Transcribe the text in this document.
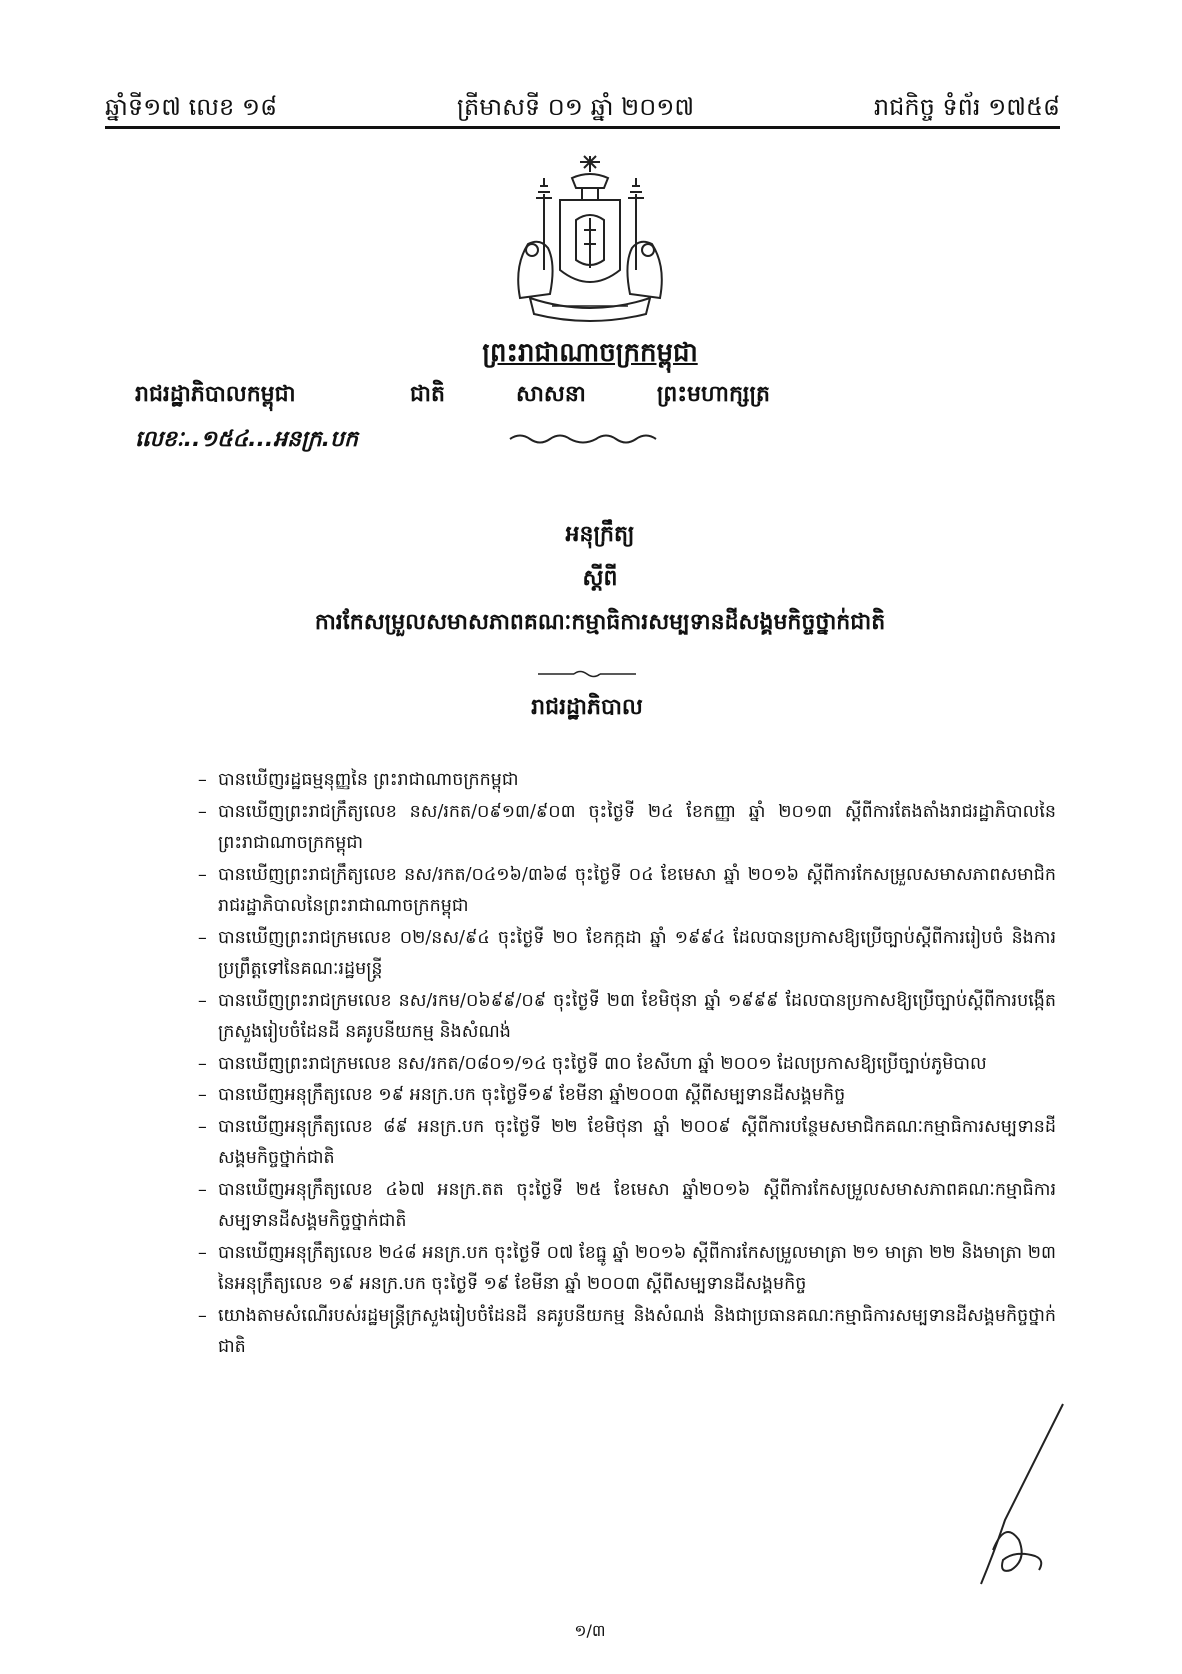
ឆ្នាំទី១៧ លេខ ១៨	ត្រីមាសទី ០១ ឆ្នាំ ២០១៧	រាជកិច្ច ទំព័រ ១៧៥៨
ព្រះរាជាណាចក្រកម្ពុជា
រាជរដ្ឋាភិបាលកម្ពុជា	ជាតិ	សាសនា	ព្រះមហាក្សត្រ
លេខៈ..១៥៤...អនក្រ.បក
អនុក្រឹត្យ
ស្តីពី
ការកែសម្រួលសមាសភាពគណៈកម្មាធិការសម្បទានដីសង្គមកិច្ចថ្នាក់ជាតិ
រាជរដ្ឋាភិបាល
– បានឃើញរដ្ឋធម្មនុញ្ញនៃ ព្រះរាជាណាចក្រកម្ពុជា
– បានឃើញព្រះរាជក្រឹត្យលេខ នស/រកត/០៩១៣/៩០៣ ចុះថ្ងៃទី ២៤ ខែកញ្ញា ឆ្នាំ ២០១៣ ស្តីពីការតែងតាំងរាជរដ្ឋាភិបាលនៃព្រះរាជាណាចក្រកម្ពុជា
– បានឃើញព្រះរាជក្រឹត្យលេខ នស/រកត/០៤១៦/៣៦៨ ចុះថ្ងៃទី ០៤ ខែមេសា ឆ្នាំ ២០១៦ ស្តីពីការកែសម្រួលសមាសភាពសមាជិករាជរដ្ឋាភិបាលនៃព្រះរាជាណាចក្រកម្ពុជា
– បានឃើញព្រះរាជក្រមលេខ ០២/នស/៩៤ ចុះថ្ងៃទី ២០ ខែកក្កដា ឆ្នាំ ១៩៩៤ ដែលបានប្រកាសឱ្យប្រើច្បាប់ស្តីពីការរៀបចំ និងការប្រព្រឹត្តទៅនៃគណៈរដ្ឋមន្ត្រី
– បានឃើញព្រះរាជក្រមលេខ នស/រកម/០៦៩៩/០៩ ចុះថ្ងៃទី ២៣ ខែមិថុនា ឆ្នាំ ១៩៩៩ ដែលបានប្រកាសឱ្យប្រើច្បាប់ស្តីពីការបង្កើតក្រសួងរៀបចំដែនដី នគរូបនីយកម្ម និងសំណង់
– បានឃើញព្រះរាជក្រមលេខ នស/រកត/០៨០១/១៤ ចុះថ្ងៃទី ៣០ ខែសីហា ឆ្នាំ ២០០១ ដែលប្រកាសឱ្យប្រើច្បាប់ភូមិបាល
– បានឃើញអនុក្រឹត្យលេខ ១៩ អនក្រ.បក ចុះថ្ងៃទី១៩ ខែមីនា ឆ្នាំ២០០៣ ស្តីពីសម្បទានដីសង្គមកិច្ច
– បានឃើញអនុក្រឹត្យលេខ ៨៩ អនក្រ.បក ចុះថ្ងៃទី ២២ ខែមិថុនា ឆ្នាំ ២០០៩ ស្តីពីការបន្ថែមសមាជិកគណៈកម្មាធិការសម្បទានដីសង្គមកិច្ចថ្នាក់ជាតិ
– បានឃើញអនុក្រឹត្យលេខ ៤៦៧ អនក្រ.តត ចុះថ្ងៃទី ២៥ ខែមេសា ឆ្នាំ២០១៦ ស្តីពីការកែសម្រួលសមាសភាពគណៈកម្មាធិការសម្បទានដីសង្គមកិច្ចថ្នាក់ជាតិ
– បានឃើញអនុក្រឹត្យលេខ ២៤៨ អនក្រ.បក ចុះថ្ងៃទី ០៧ ខែធ្នូ ឆ្នាំ ២០១៦ ស្តីពីការកែសម្រួលមាត្រា ២១ មាត្រា ២២ និងមាត្រា ២៣ នៃអនុក្រឹត្យលេខ ១៩ អនក្រ.បក ចុះថ្ងៃទី ១៩ ខែមីនា ឆ្នាំ ២០០៣ ស្តីពីសម្បទានដីសង្គមកិច្ច
– យោងតាមសំណើរបស់រដ្ឋមន្ត្រីក្រសួងរៀបចំដែនដី នគរូបនីយកម្ម និងសំណង់ និងជាប្រធានគណៈកម្មាធិការសម្បទានដីសង្គមកិច្ចថ្នាក់ជាតិ
១/៣
